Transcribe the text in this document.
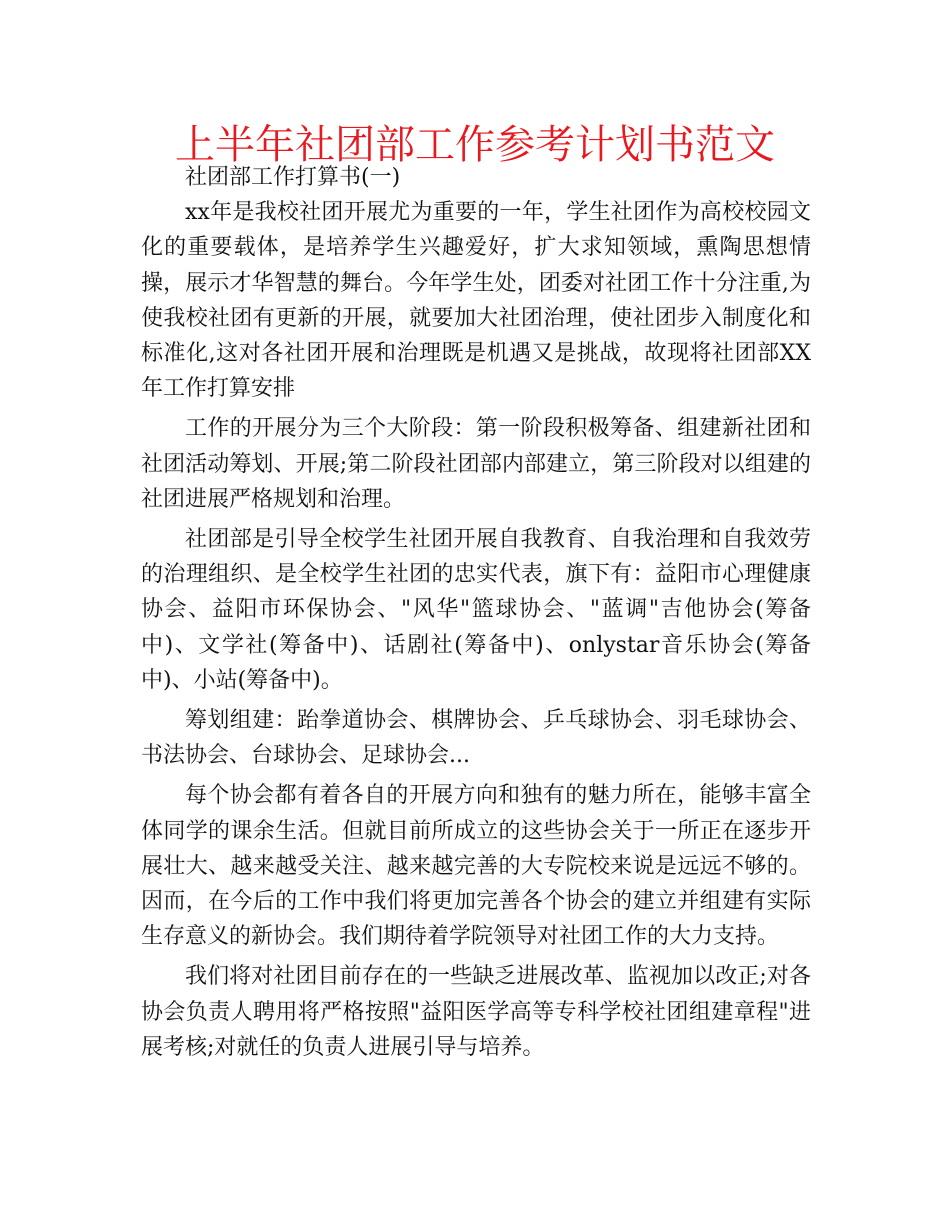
上半年社团部工作参考计划书范文

社团部工作打算书(一)

xx年是我校社团开展尤为重要的一年，学生社团作为高校校园文化的重要载体，是培养学生兴趣爱好，扩大求知领域，熏陶思想情操，展示才华智慧的舞台。今年学生处，团委对社团工作十分注重,为使我校社团有更新的开展，就要加大社团治理，使社团步入制度化和标准化,这对各社团开展和治理既是机遇又是挑战，故现将社团部XX年工作打算安排

工作的开展分为三个大阶段：第一阶段积极筹备、组建新社团和社团活动筹划、开展;第二阶段社团部内部建立，第三阶段对以组建的社团进展严格规划和治理。

社团部是引导全校学生社团开展自我教育、自我治理和自我效劳的治理组织、是全校学生社团的忠实代表，旗下有：益阳市心理健康协会、益阳市环保协会、"风华"篮球协会、"蓝调"吉他协会(筹备中)、文学社(筹备中)、话剧社(筹备中)、onlystar音乐协会(筹备中)、小站(筹备中)。

筹划组建：跆拳道协会、棋牌协会、乒乓球协会、羽毛球协会、书法协会、台球协会、足球协会...

每个协会都有着各自的开展方向和独有的魅力所在，能够丰富全体同学的课余生活。但就目前所成立的这些协会关于一所正在逐步开展壮大、越来越受关注、越来越完善的大专院校来说是远远不够的。因而，在今后的工作中我们将更加完善各个协会的建立并组建有实际生存意义的新协会。我们期待着学院领导对社团工作的大力支持。

我们将对社团目前存在的一些缺乏进展改革、监视加以改正;对各协会负责人聘用将严格按照"益阳医学高等专科学校社团组建章程"进展考核;对就任的负责人进展引导与培养。
